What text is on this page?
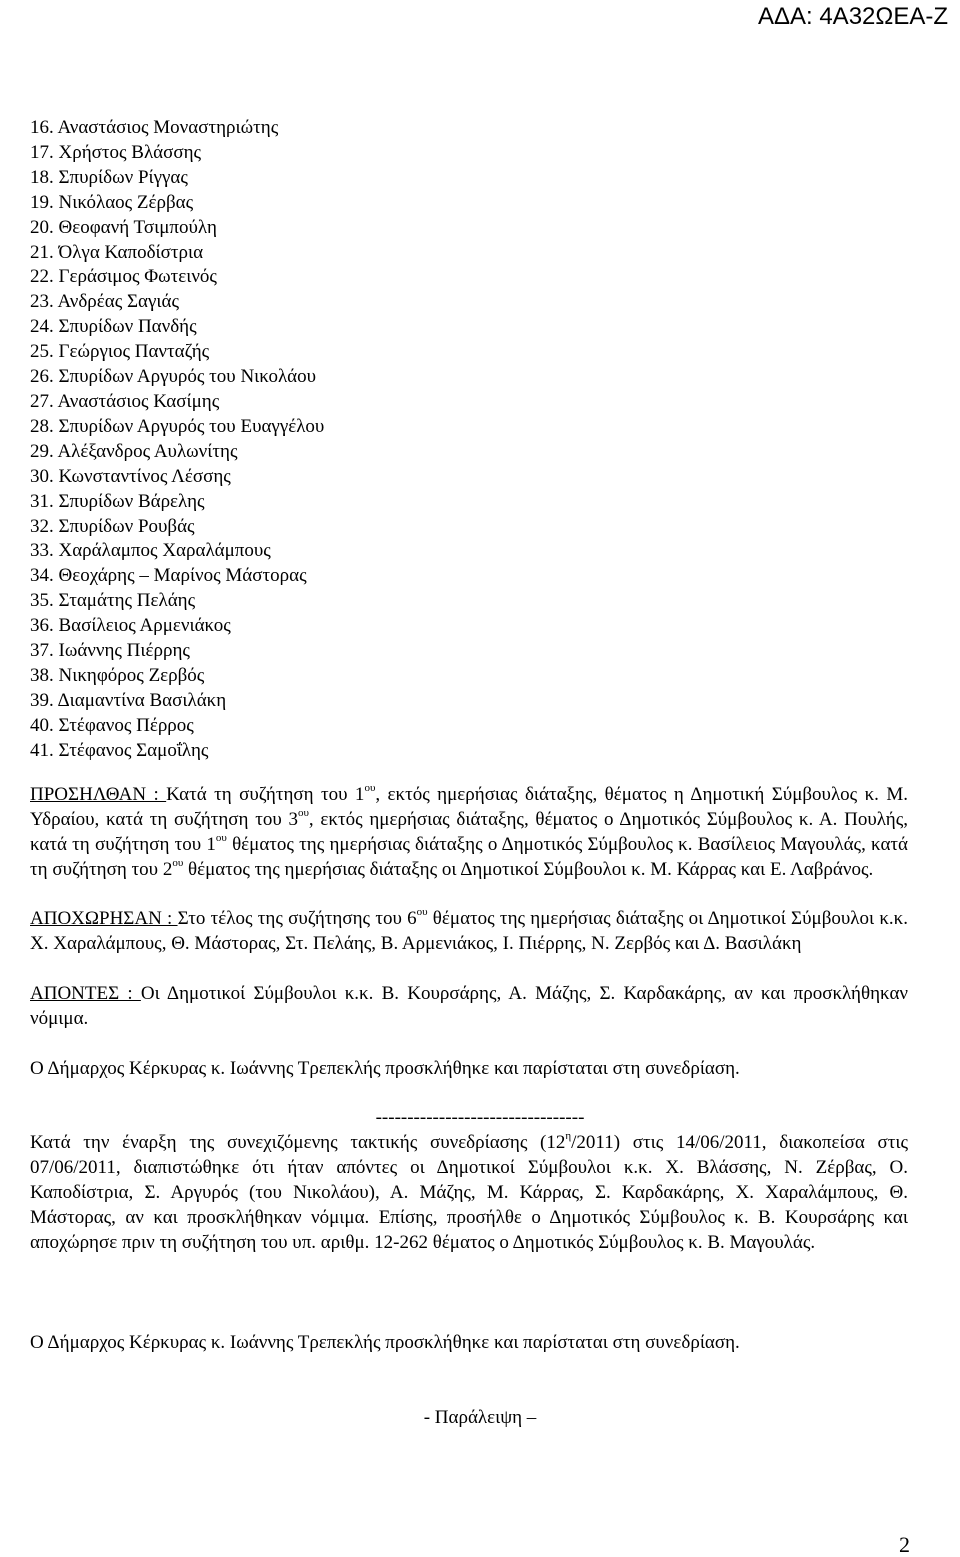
ΑΔΑ: 4Α32ΩΕΑ-Ζ
16. Αναστάσιος Μοναστηριώτης
17. Χρήστος Βλάσσης
18. Σπυρίδων Ρίγγας
19. Νικόλαος Ζέρβας
20. Θεοφανή Τσιμπούλη
21. Όλγα Καποδίστρια
22. Γεράσιμος Φωτεινός
23. Ανδρέας Σαγιάς
24. Σπυρίδων Πανδής
25. Γεώργιος Πανταζής
26. Σπυρίδων Αργυρός του Νικολάου
27. Αναστάσιος Κασίμης
28. Σπυρίδων Αργυρός του Ευαγγέλου
29. Αλέξανδρος Αυλωνίτης
30. Κωνσταντίνος Λέσσης
31. Σπυρίδων Βάρελης
32. Σπυρίδων Ρουβάς
33. Χαράλαμπος Χαραλάμπους
34. Θεοχάρης – Μαρίνος Μάστορας
35. Σταμάτης Πελάης
36. Βασίλειος Αρμενιάκος
37. Ιωάννης Πιέρρης
38. Νικηφόρος Ζερβός
39. Διαμαντίνα Βασιλάκη
40. Στέφανος Πέρρος
41. Στέφανος Σαμοΐλης

ΠΡΟΣΗΛΘΑΝ : Κατά τη συζήτηση του $1^{o\upsilon}$, εκτός ημερήσιας διάταξης, θέματος η Δημοτική Σύμβουλος κ. Μ. Υδραίου, κατά τη συζήτηση του $3^{o\upsilon}$, εκτός ημερήσιας διάταξης, θέματος ο Δημοτικός Σύμβουλος κ. Α. Πουλής, κατά τη συζήτηση του $1^{o\upsilon}$ θέματος της ημερήσιας διάταξης ο Δημοτικός Σύμβουλος κ. Βασίλειος Μαγουλάς, κατά τη συζήτηση του $2^{o\upsilon}$ θέματος της ημερήσιας διάταξης οι Δημοτικοί Σύμβουλοι κ. Μ. Κάρρας και Ε. Λαβράνος.

ΑΠΟΧΩΡΗΣΑΝ : Στο τέλος της συζήτησης του $6^{o\upsilon}$ θέματος της ημερήσιας διάταξης οι Δημοτικοί Σύμβουλοι κ.κ. Χ. Χαραλάμπους, Θ. Μάστορας, Στ. Πελάης, Β. Αρμενιάκος, Ι. Πιέρρης, Ν. Ζερβός και Δ. Βασιλάκη

ΑΠΟΝΤΕΣ : Οι Δημοτικοί Σύμβουλοι κ.κ. Β. Κουρσάρης, Α. Μάζης, Σ. Καρδακάρης, αν και προσκλήθηκαν νόμιμα.

Ο Δήμαρχος Κέρκυρας κ. Ιωάννης Τρεπεκλής προσκλήθηκε και παρίσταται στη συνεδρίαση.

---------------------------------

Κατά την έναρξη της συνεχιζόμενης τακτικής συνεδρίασης $(12^\eta/2011)$ στις 14/06/2011, διακοπείσα στις 07/06/2011, διαπιστώθηκε ότι ήταν απόντες οι Δημοτικοί Σύμβουλοι κ.κ. Χ. Βλάσσης, Ν. Ζέρβας, Ο. Καποδίστρια, Σ. Αργυρός (του Νικολάου), Α. Μάζης, Μ. Κάρρας, Σ. Καρδακάρης, Χ. Χαραλάμπους, Θ. Μάστορας, αν και προσκλήθηκαν νόμιμα. Επίσης, προσήλθε ο Δημοτικός Σύμβουλος κ. Β. Κουρσάρης και αποχώρησε πριν τη συζήτηση του υπ. αριθμ. 12-262 θέματος ο Δημοτικός Σύμβουλος κ. Β. Μαγουλάς.

Ο Δήμαρχος Κέρκυρας κ. Ιωάννης Τρεπεκλής προσκλήθηκε και παρίσταται στη συνεδρίαση.

- Παράλειψη –
2
